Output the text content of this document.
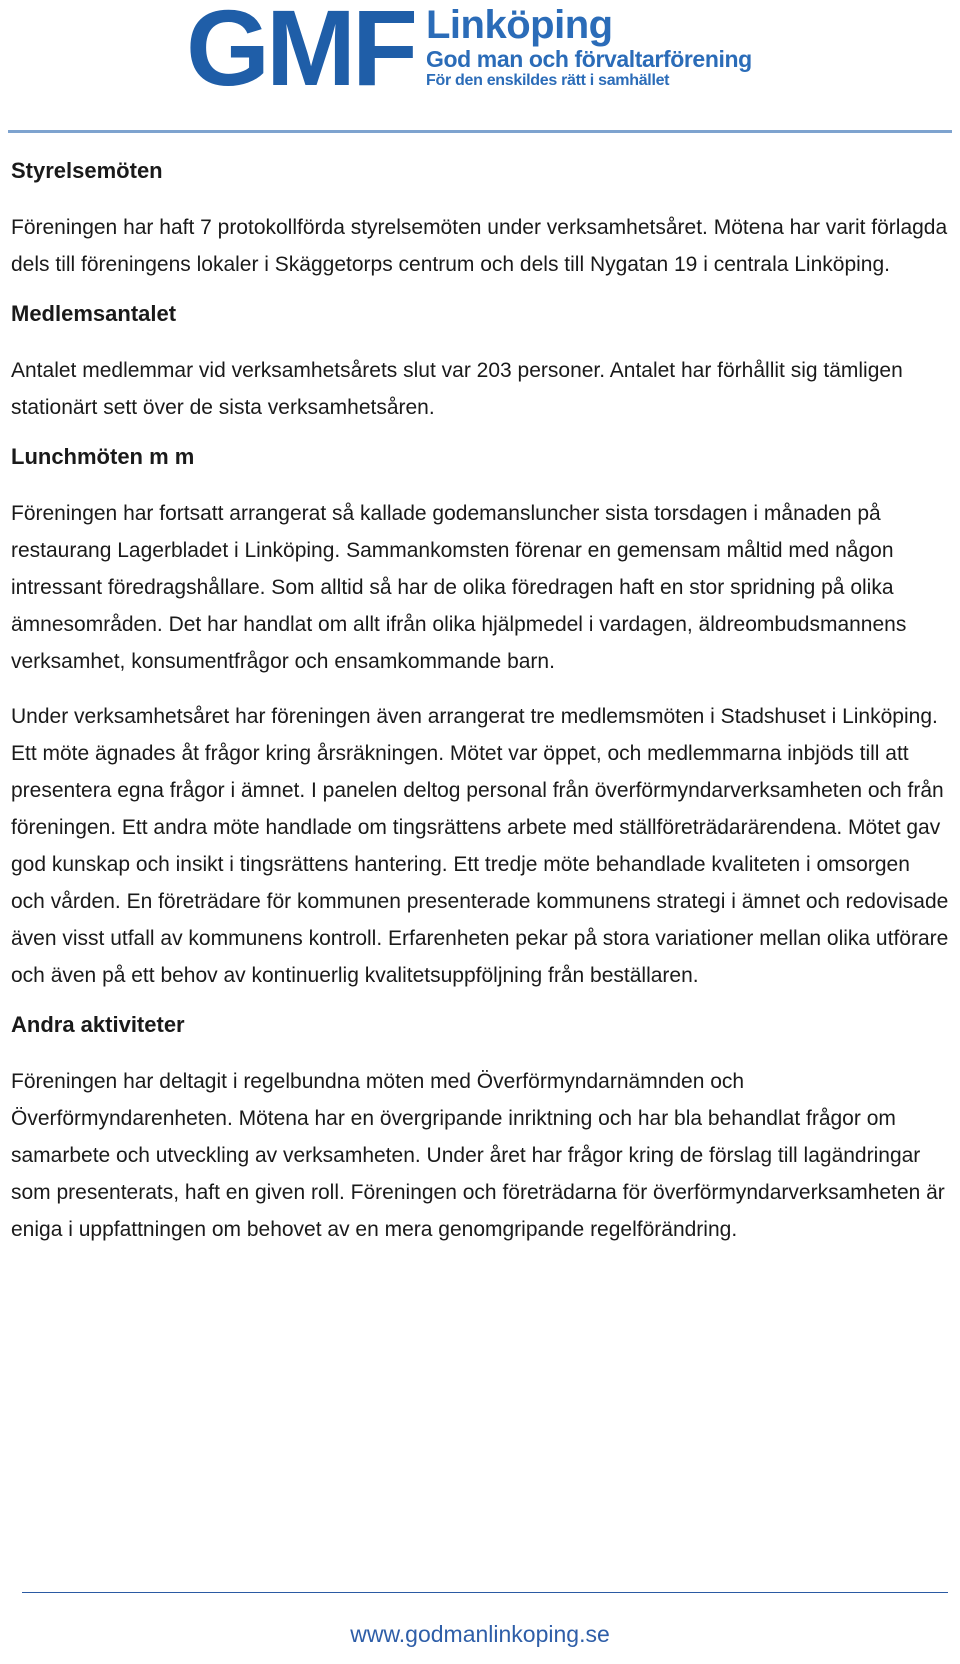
GMF Linköping
God man och förvaltarförening
För den enskildes rätt i samhället
Styrelsemöten

Föreningen har haft 7 protokollförda styrelsemöten under verksamhetsåret. Mötena har varit förlagda dels till föreningens lokaler i Skäggetorps centrum och dels till Nygatan 19 i centrala Linköping.

Medlemsantalet

Antalet medlemmar vid verksamhetsårets slut var 203 personer. Antalet har förhållit sig tämligen stationärt sett över de sista verksamhetsåren.

Lunchmöten m m

Föreningen har fortsatt arrangerat så kallade godemansluncher sista torsdagen i månaden på restaurang Lagerbladet i Linköping. Sammankomsten förenar en gemensam måltid med någon intressant föredragshållare. Som alltid så har de olika föredragen haft en stor spridning på olika ämnesområden. Det har handlat om allt ifrån olika hjälpmedel i vardagen, äldreombudsmannens verksamhet, konsumentfrågor och ensamkommande barn.

Under verksamhetsåret har föreningen även arrangerat tre medlemsmöten i Stadshuset i Linköping. Ett möte ägnades åt frågor kring årsräkningen. Mötet var öppet, och medlemmarna inbjöds till att presentera egna frågor i ämnet. I panelen deltog personal från överförmyndarverksamheten och från föreningen. Ett andra möte handlade om tingsrättens arbete med ställföreträdarärendena. Mötet gav god kunskap och insikt i tingsrättens hantering. Ett tredje möte behandlade kvaliteten i omsorgen och vården. En företrädare för kommunen presenterade kommunens strategi i ämnet och redovisade även visst utfall av kommunens kontroll. Erfarenheten pekar på stora variationer mellan olika utförare och även på ett behov av kontinuerlig kvalitetsuppföljning från beställaren.

Andra aktiviteter

Föreningen har deltagit i regelbundna möten med Överförmyndarnämnden och Överförmyndarenheten. Mötena har en övergripande inriktning och har bla behandlat frågor om samarbete och utveckling av verksamheten. Under året har frågor kring de förslag till lagändringar som presenterats, haft en given roll. Föreningen och företrädarna för överförmyndarverksamheten är eniga i uppfattningen om behovet av en mera genomgripande regelförändring.

www.godmanlinkoping.se
